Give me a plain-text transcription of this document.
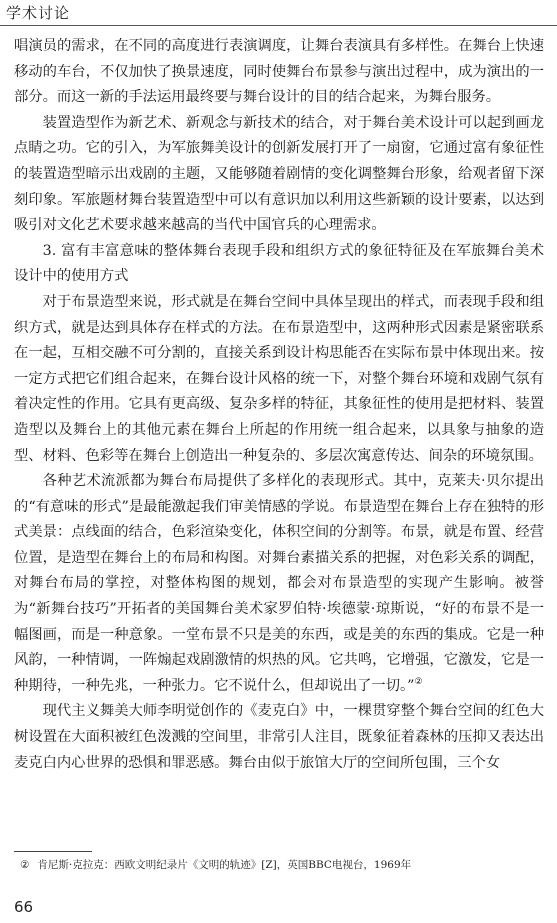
学术讨论

唱演员的需求，在不同的高度进行表演调度，让舞台表演具有多样性。在舞台上快速移动的车台，不仅加快了换景速度，同时使舞台布景参与演出过程中，成为演出的一部分。而这一新的手法运用最终要与舞台设计的目的结合起来，为舞台服务。

装置造型作为新艺术、新观念与新技术的结合，对于舞台美术设计可以起到画龙点睛之功。它的引入，为军旅舞美设计的创新发展打开了一扇窗，它通过富有象征性的装置造型暗示出戏剧的主题，又能够随着剧情的变化调整舞台形象，给观者留下深刻印象。军旅题材舞台装置造型中可以有意识加以利用这些新颖的设计要素，以达到吸引对文化艺术要求越来越高的当代中国官兵的心理需求。

3. 富有丰富意味的整体舞台表现手段和组织方式的象征特征及在军旅舞台美术设计中的使用方式

对于布景造型来说，形式就是在舞台空间中具体呈现出的样式，而表现手段和组织方式，就是达到具体存在样式的方法。在布景造型中，这两种形式因素是紧密联系在一起，互相交融不可分割的，直接关系到设计构思能否在实际布景中体现出来。按一定方式把它们组合起来，在舞台设计风格的统一下，对整个舞台环境和戏剧气氛有着决定性的作用。它具有更高级、复杂多样的特征，其象征性的使用是把材料、装置造型以及舞台上的其他元素在舞台上所起的作用统一组合起来，以具象与抽象的造型、材料、色彩等在舞台上创造出一种复杂的、多层次寓意传达、间杂的环境氛围。

各种艺术流派都为舞台布局提供了多样化的表现形式。其中，克莱夫·贝尔提出的“有意味的形式”是最能激起我们审美情感的学说。布景造型在舞台上存在独特的形式美景：点线面的结合，色彩渲染变化，体积空间的分割等。布景，就是布置、经营位置，是造型在舞台上的布局和构图。对舞台素描关系的把握，对色彩关系的调配，对舞台布局的掌控，对整体构图的规划，都会对布景造型的实现产生影响。被誉为“新舞台技巧”开拓者的美国舞台美术家罗伯特·埃德蒙·琼斯说，“好的布景不是一幅图画，而是一种意象。一堂布景不只是美的东西，或是美的东西的集成。它是一种风韵，一种情调，一阵煽起戏剧激情的炽热的风。它共鸣，它增强，它激发，它是一种期待，一种先兆，一种张力。它不说什么，但却说出了一切。”②

现代主义舞美大师李明觉创作的《麦克白》中，一棵贯穿整个舞台空间的红色大树设置在大面积被红色泼溅的空间里，非常引人注目，既象征着森林的压抑又表达出麦克白内心世界的恐惧和罪恶感。舞台由似于旅馆大厅的空间所包围，三个女

② 肯尼斯·克拉克：西欧文明纪录片《文明的轨迹》[Z]，英国BBC电视台，1969年
66
